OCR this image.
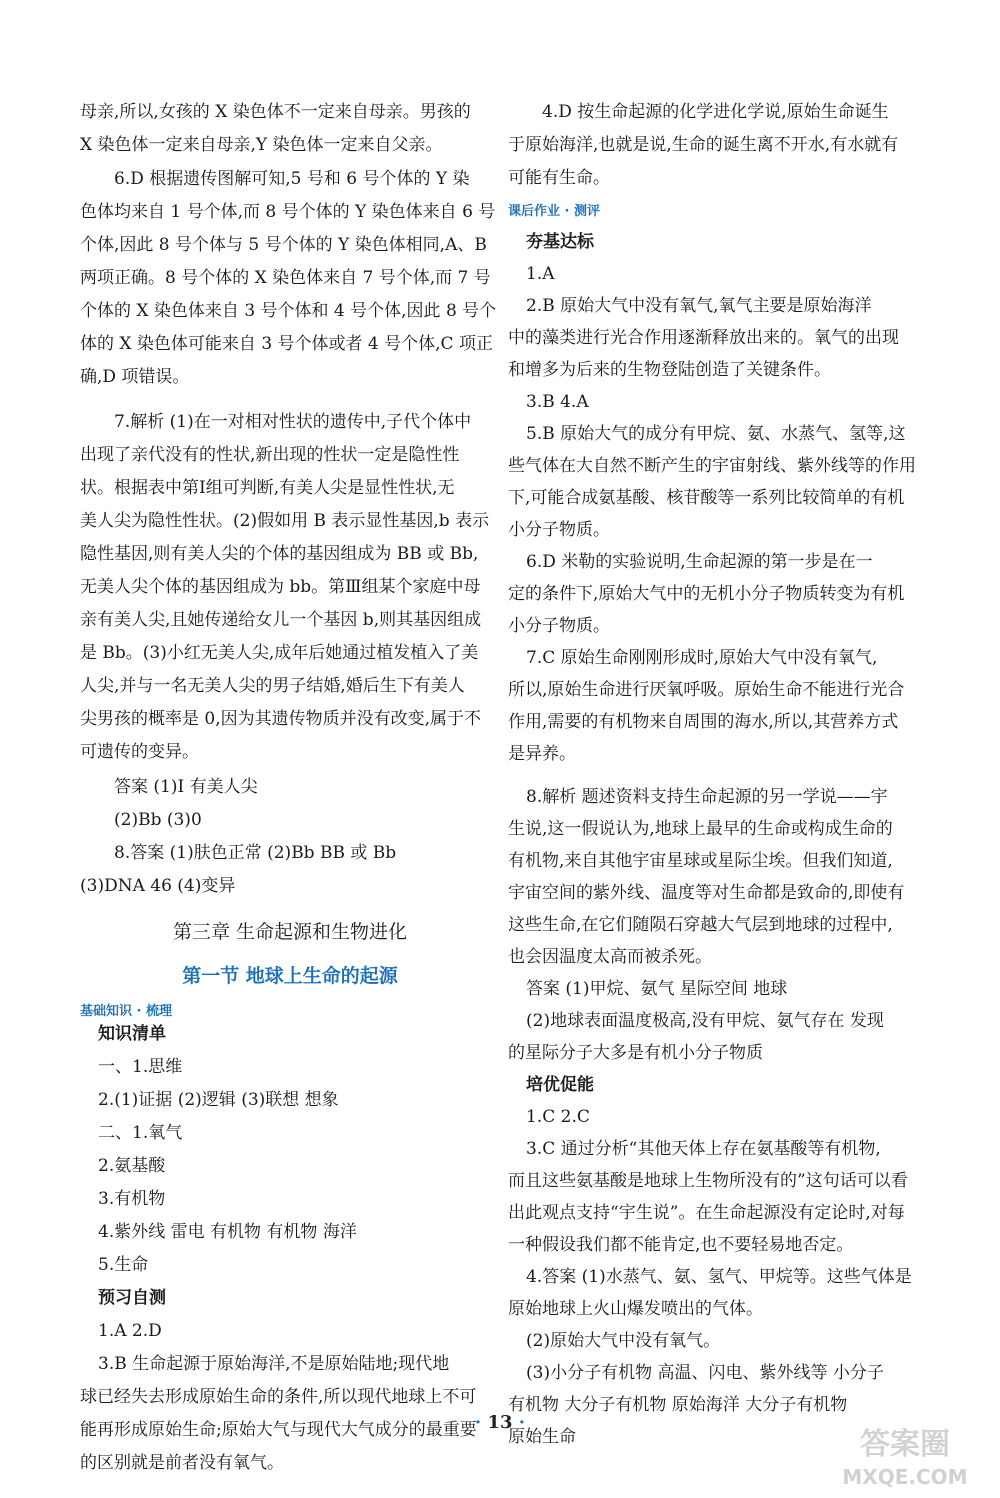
母亲,所以,女孩的 X 染色体不一定来自母亲。男孩的
X 染色体一定来自母亲,Y 染色体一定来自父亲。
6.D 根据遗传图解可知,5 号和 6 号个体的 Y 染
色体均来自 1 号个体,而 8 号个体的 Y 染色体来自 6 号
个体,因此 8 号个体与 5 号个体的 Y 染色体相同,A、B
两项正确。8 号个体的 X 染色体来自 7 号个体,而 7 号
个体的 X 染色体来自 3 号个体和 4 号个体,因此 8 号个
体的 X 染色体可能来自 3 号个体或者 4 号个体,C 项正
确,D 项错误。
7.解析 (1)在一对相对性状的遗传中,子代个体中
出现了亲代没有的性状,新出现的性状一定是隐性性
状。根据表中第Ⅰ组可判断,有美人尖是显性性状,无
美人尖为隐性性状。(2)假如用 B 表示显性基因,b 表示
隐性基因,则有美人尖的个体的基因组成为 BB 或 Bb,
无美人尖个体的基因组成为 bb。第Ⅲ组某个家庭中母
亲有美人尖,且她传递给女儿一个基因 b,则其基因组成
是 Bb。(3)小红无美人尖,成年后她通过植发植入了美
人尖,并与一名无美人尖的男子结婚,婚后生下有美人
尖男孩的概率是 0,因为其遗传物质并没有改变,属于不
可遗传的变异。
答案 (1)Ⅰ 有美人尖
(2)Bb (3)0
8.答案 (1)肤色正常 (2)Bb BB 或 Bb
(3)DNA 46 (4)变异
第三章 生命起源和生物进化
第一节 地球上生命的起源
基础知识 · 梳理
知识清单
一、1.思维
2.(1)证据 (2)逻辑 (3)联想 想象
二、1.氧气
2.氨基酸
3.有机物
4.紫外线 雷电 有机物 有机物 海洋
5.生命
预习自测
1.A 2.D
3.B 生命起源于原始海洋,不是原始陆地;现代地
球已经失去形成原始生命的条件,所以现代地球上不可
能再形成原始生命;原始大气与现代大气成分的最重要
的区别就是前者没有氧气。
4.D 按生命起源的化学进化学说,原始生命诞生
于原始海洋,也就是说,生命的诞生离不开水,有水就有
可能有生命。
课后作业 · 测评
夯基达标
1.A
2.B 原始大气中没有氧气,氧气主要是原始海洋
中的藻类进行光合作用逐渐释放出来的。氧气的出现
和增多为后来的生物登陆创造了关键条件。
3.B 4.A
5.B 原始大气的成分有甲烷、氨、水蒸气、氢等,这
些气体在大自然不断产生的宇宙射线、紫外线等的作用
下,可能合成氨基酸、核苷酸等一系列比较简单的有机
小分子物质。
6.D 米勒的实验说明,生命起源的第一步是在一
定的条件下,原始大气中的无机小分子物质转变为有机
小分子物质。
7.C 原始生命刚刚形成时,原始大气中没有氧气,
所以,原始生命进行厌氧呼吸。原始生命不能进行光合
作用,需要的有机物来自周围的海水,所以,其营养方式
是异养。
8.解析 题述资料支持生命起源的另一学说——宇
生说,这一假说认为,地球上最早的生命或构成生命的
有机物,来自其他宇宙星球或星际尘埃。但我们知道,
宇宙空间的紫外线、温度等对生命都是致命的,即使有
这些生命,在它们随陨石穿越大气层到地球的过程中,
也会因温度太高而被杀死。
答案 (1)甲烷、氨气 星际空间 地球
(2)地球表面温度极高,没有甲烷、氨气存在 发现
的星际分子大多是有机小分子物质
培优促能
1.C 2.C
3.C 通过分析“其他天体上存在氨基酸等有机物,
而且这些氨基酸是地球上生物所没有的”这句话可以看
出此观点支持“宇生说”。在生命起源没有定论时,对每
一种假设我们都不能肯定,也不要轻易地否定。
4.答案 (1)水蒸气、氨、氢气、甲烷等。这些气体是
原始地球上火山爆发喷出的气体。
(2)原始大气中没有氧气。
(3)小分子有机物 高温、闪电、紫外线等 小分子
有机物 大分子有机物 原始海洋 大分子有机物
原始生命
· 13 ·
答案圈
MXQE.COM
